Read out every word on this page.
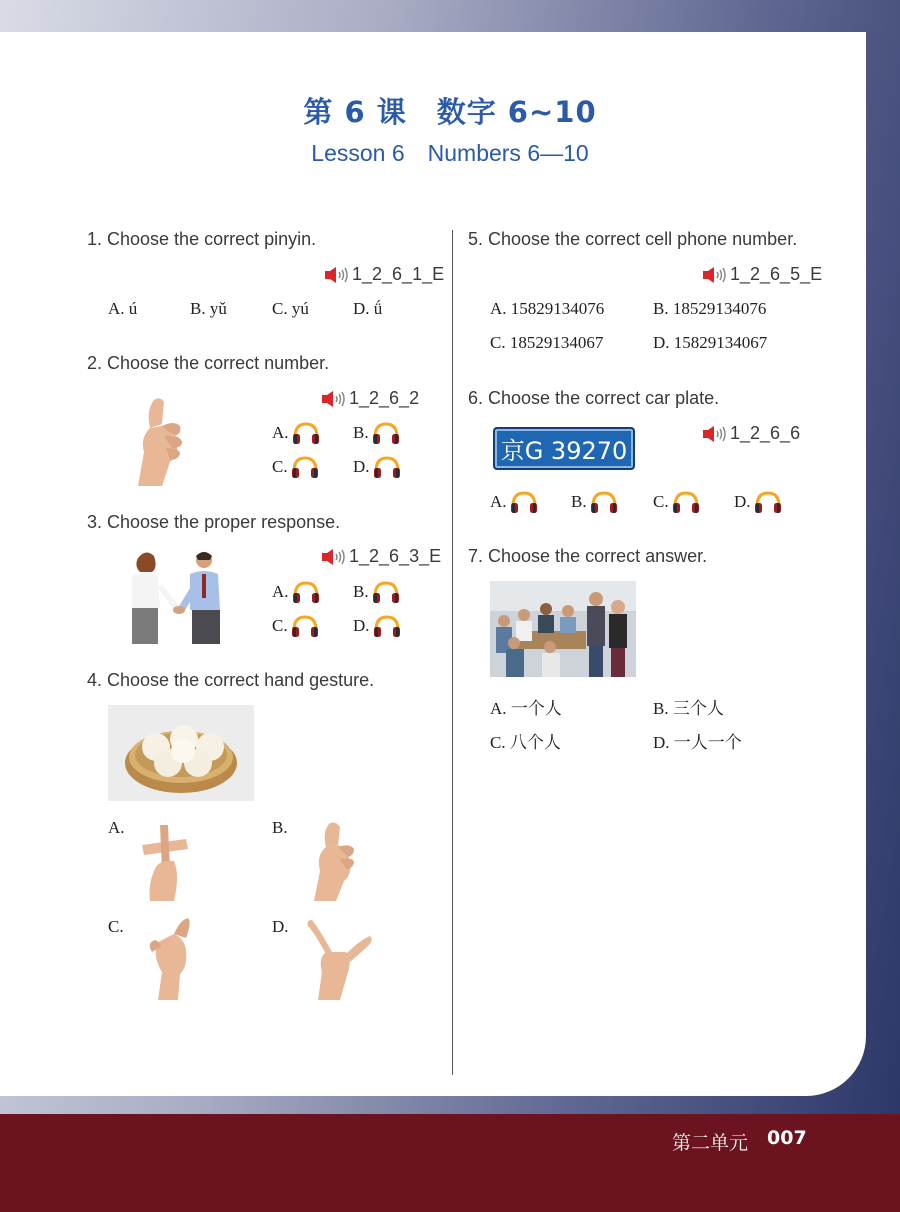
第 6 课　数字 6~10
Lesson 6　Numbers 6—10
1. Choose the correct pinyin.
1_2_6_1_E
A. ú	B. yǔ	C. yú	D. ǘ
2. Choose the correct number.
1_2_6_2
A.	B.
C.	D.
3. Choose the proper response.
1_2_6_3_E
A.	B.
C.	D.
4. Choose the correct hand gesture.
A.	B.
C.	D.
5. Choose the correct cell phone number.
1_2_6_5_E
A. 15829134076	B. 18529134076
C. 18529134067	D. 15829134067
6. Choose the correct car plate.
京G 39270
1_2_6_6
A.	B.	C.	D.
7. Choose the correct answer.
A. 一个人	B. 三个人
C. 八个人	D. 一人一个
第二单元 007
